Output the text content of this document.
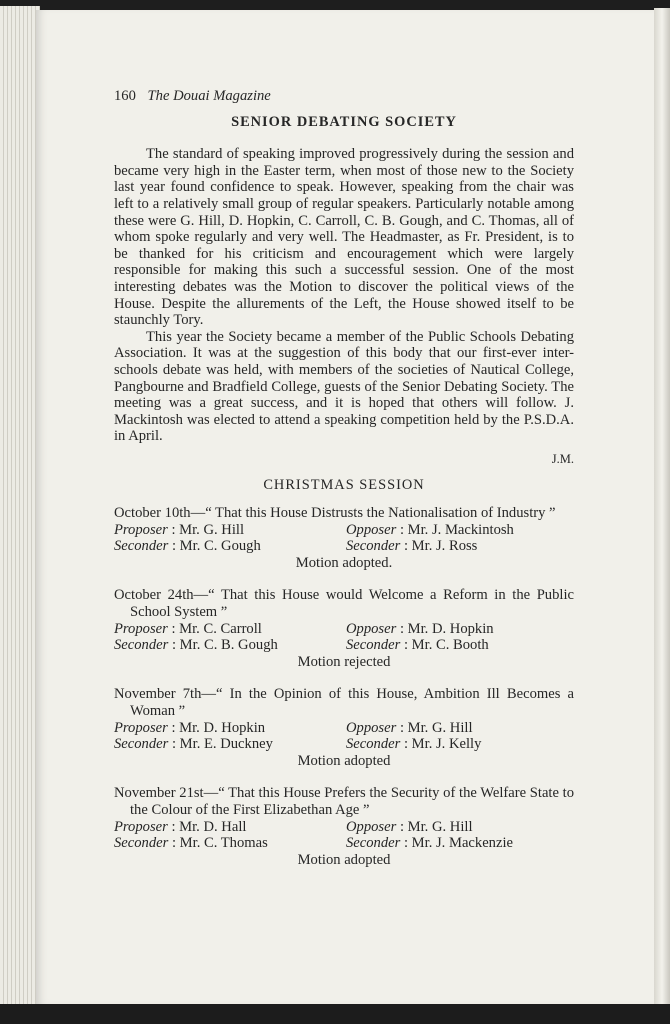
160 The Douai Magazine
SENIOR DEBATING SOCIETY

The standard of speaking improved progressively during the session and became very high in the Easter term, when most of those new to the Society last year found confidence to speak. However, speaking from the chair was left to a relatively small group of regular speakers. Particularly notable among these were G. Hill, D. Hopkin, C. Carroll, C. B. Gough, and C. Thomas, all of whom spoke regularly and very well. The Headmaster, as Fr. President, is to be thanked for his criticism and encouragement which were largely responsible for making this such a successful session. One of the most interesting debates was the Motion to discover the political views of the House. Despite the allurements of the Left, the House showed itself to be staunchly Tory.

This year the Society became a member of the Public Schools Debating Association. It was at the suggestion of this body that our first-ever inter-schools debate was held, with members of the societies of Nautical College, Pangbourne and Bradfield College, guests of the Senior Debating Society. The meeting was a great success, and it is hoped that others will follow. J. Mackintosh was elected to attend a speaking competition held by the P.S.D.A. in April.

J.M.
CHRISTMAS SESSION
October 10th—“ That this House Distrusts the Nationalisation of Industry ”
Proposer : Mr. G. Hill	Opposer : Mr. J. Mackintosh
Seconder : Mr. C. Gough	Seconder : Mr. J. Ross
Motion adopted.
October 24th—“ That this House would Welcome a Reform in the Public School System ”
Proposer : Mr. C. Carroll	Opposer : Mr. D. Hopkin
Seconder : Mr. C. B. Gough	Seconder : Mr. C. Booth
Motion rejected
November 7th—“ In the Opinion of this House, Ambition Ill Becomes a Woman ”
Proposer : Mr. D. Hopkin	Opposer : Mr. G. Hill
Seconder : Mr. E. Duckney	Seconder : Mr. J. Kelly
Motion adopted
November 21st—“ That this House Prefers the Security of the Welfare State to the Colour of the First Elizabethan Age ”
Proposer : Mr. D. Hall	Opposer : Mr. G. Hill
Seconder : Mr. C. Thomas	Seconder : Mr. J. Mackenzie
Motion adopted
